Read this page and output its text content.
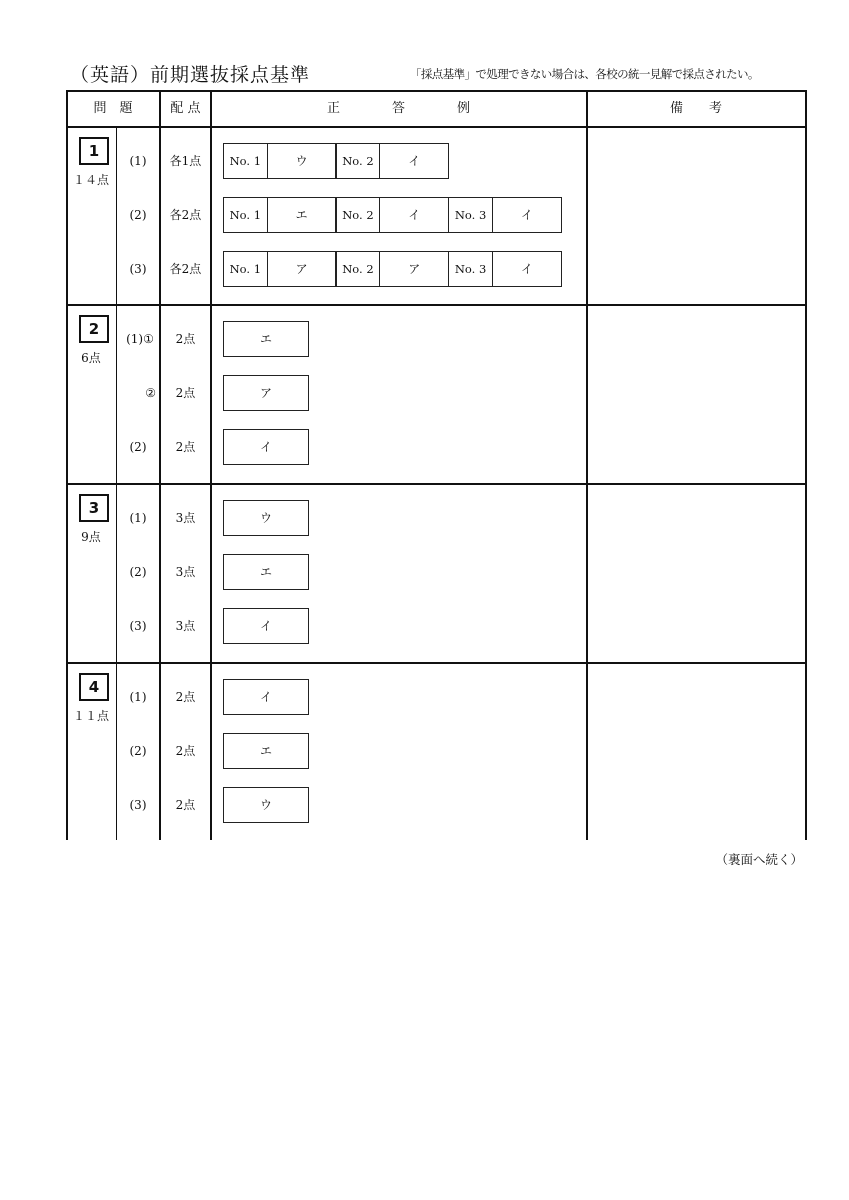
（英語）前期選抜採点基準	「採点基準」で処理できない場合は、各校の統一見解で採点されたい。
問　題	配 点	正　　　　答　　　　例	備　　考
1
１４点
(1)	各1点	No. 1	ウ	No. 2	イ
(2)	各2点	No. 1	エ	No. 2	イ	No. 3	イ
(3)	各2点	No. 1	ア	No. 2	ア	No. 3	イ
2
6点
(1)①	2点	エ
②	2点	ア
(2)	2点	イ
3
9点
(1)	3点	ウ
(2)	3点	エ
(3)	3点	イ
4
１１点
(1)	2点	イ
(2)	2点	エ
(3)	2点	ウ
（裏面へ続く）
